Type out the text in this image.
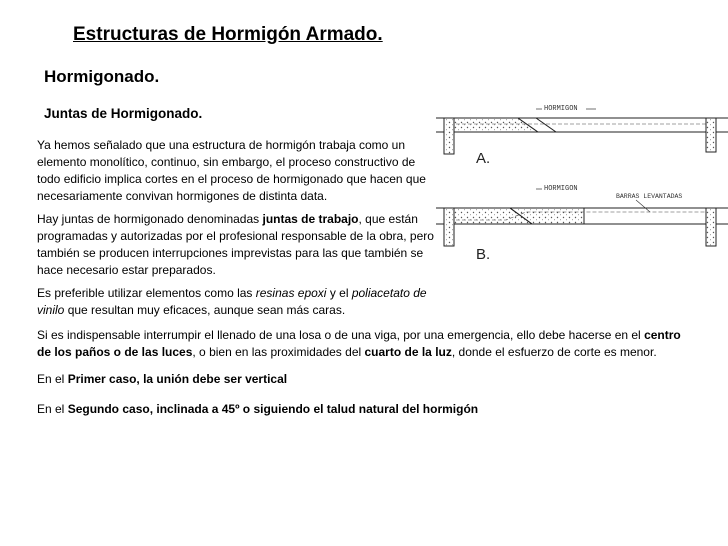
Estructuras de Hormigón Armado.
Hormigonado.
Juntas de Hormigonado.
Ya hemos señalado que una estructura de hormigón trabaja como un
elemento monolítico, continuo, sin embargo, el proceso constructivo de
todo edificio implica cortes en el proceso de hormigonado que hacen que
necesariamente convivan hormigones de distinta data.
Hay juntas de hormigonado denominadas juntas de trabajo, que están
programadas y autorizadas por el profesional responsable de la obra, pero
también se producen interrupciones imprevistas para las que también se
hace necesario estar preparados.
Es preferible utilizar elementos como las resinas epoxi y el poliacetato de
vinilo que resultan muy eficaces, aunque sean más caras.
Si es indispensable interrumpir el llenado de una losa o de una viga, por una emergencia, ello debe hacerse en el centro
de los paños o de las luces, o bien en las proximidades del cuarto de la luz, donde el esfuerzo de corte es menor.
En el Primer caso, la unión debe ser vertical
En el Segundo caso, inclinada a 45º o siguiendo el talud natural del hormigón
HORMIGON
A.
HORMIGON
BARRAS LEVANTADAS
B.
